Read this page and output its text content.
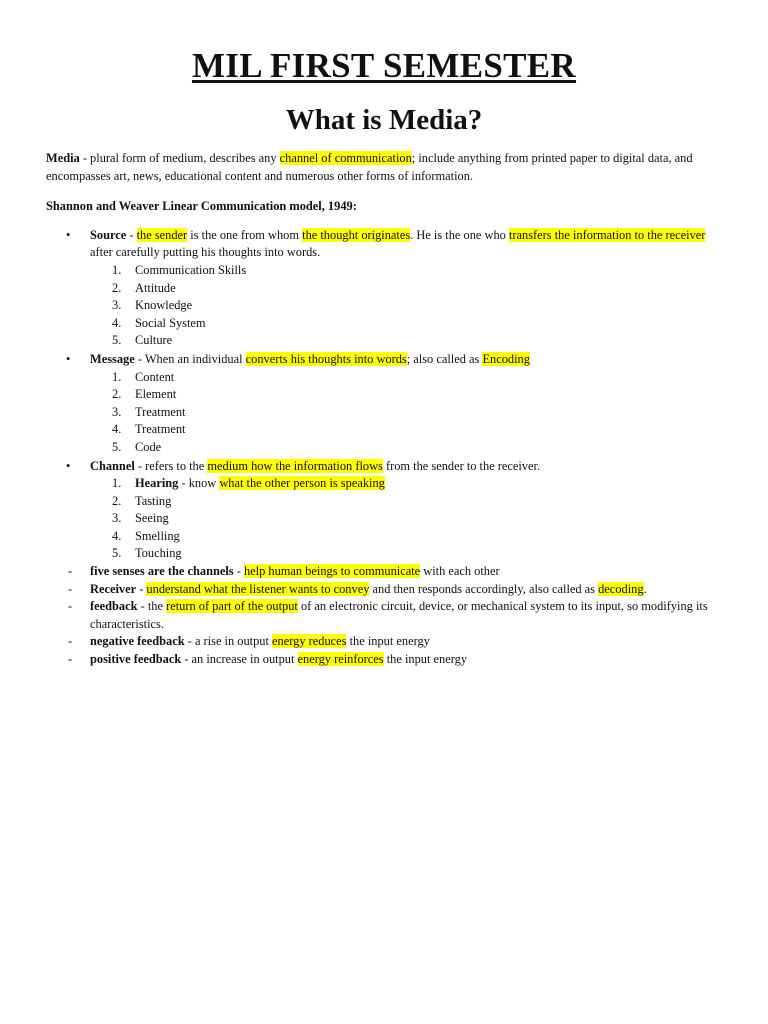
MIL FIRST SEMESTER
What is Media?

Media - plural form of medium, describes any channel of communication; include anything from printed paper to digital data, and encompasses art, news, educational content and numerous other forms of information.

Shannon and Weaver Linear Communication model, 1949:

• Source - the sender is the one from whom the thought originates. He is the one who transfers the information to the receiver after carefully putting his thoughts into words.
1. Communication Skills
2. Attitude
3. Knowledge
4. Social System
5. Culture
• Message - When an individual converts his thoughts into words; also called as Encoding
1. Content
2. Element
3. Treatment
4. Treatment
5. Code
• Channel - refers to the medium how the information flows from the sender to the receiver.
1. Hearing - know what the other person is speaking
2. Tasting
3. Seeing
4. Smelling
5. Touching
- five senses are the channels - help human beings to communicate with each other
- Receiver - understand what the listener wants to convey and then responds accordingly, also called as decoding.
- feedback - the return of part of the output of an electronic circuit, device, or mechanical system to its input, so modifying its characteristics.
- negative feedback - a rise in output energy reduces the input energy
- positive feedback - an increase in output energy reinforces the input energy
